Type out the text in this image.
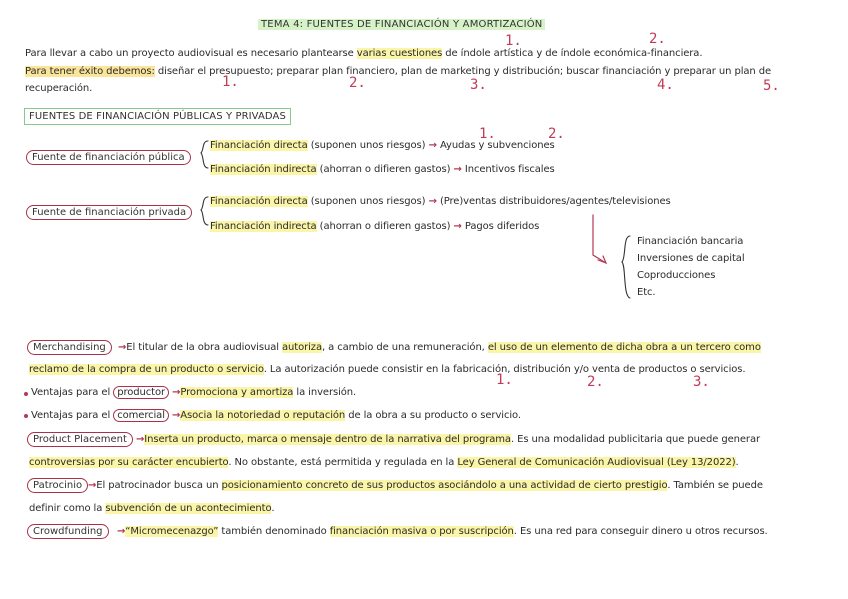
TEMA 4: FUENTES DE FINANCIACIÓN Y AMORTIZACIÓN
Para llevar a cabo un proyecto audiovisual es necesario plantearse varias cuestiones de índole artística y de índole económica-financiera.
Para tener éxito debemos: diseñar el presupuesto; preparar plan financiero, plan de marketing y distribución; buscar financiación y preparar un plan de
recuperación.
1.	2.
1.	2.	3.	4.	5.
FUENTES DE FINANCIACIÓN PÚBLICAS Y PRIVADAS
Fuente de financiación pública
Financiación directa (suponen unos riesgos) → Ayudas y subvenciones
Financiación indirecta (ahorran o difieren gastos) → Incentivos fiscales
1.	2.
Fuente de financiación privada
Financiación directa (suponen unos riesgos) → (Pre)ventas distribuidores/agentes/televisiones
Financiación indirecta (ahorran o difieren gastos) → Pagos diferidos
Financiación bancaria
Inversiones de capital
Coproducciones
Etc.
Merchandising	→El titular de la obra audiovisual autoriza, a cambio de una remuneración, el uso de un elemento de dicha obra a un tercero como
reclamo de la compra de un producto o servicio. La autorización puede consistir en la fabricación, distribución y/o venta de productos o servicios.
1.	2.	3.
Ventajas para el productor →Promociona y amortiza la inversión.
Ventajas para el comercial →Asocia la notoriedad o reputación de la obra a su producto o servicio.
Product Placement →Inserta un producto, marca o mensaje dentro de la narrativa del programa. Es una modalidad publicitaria que puede generar
controversias por su carácter encubierto. No obstante, está permitida y regulada en la Ley General de Comunicación Audiovisual (Ley 13/2022).
Patrocinio →El patrocinador busca un posicionamiento concreto de sus productos asociándolo a una actividad de cierto prestigio. También se puede
definir como la subvención de un acontecimiento.
Crowdfunding	→“Micromecenazgo” también denominado financiación masiva o por suscripción. Es una red para conseguir dinero u otros recursos.
